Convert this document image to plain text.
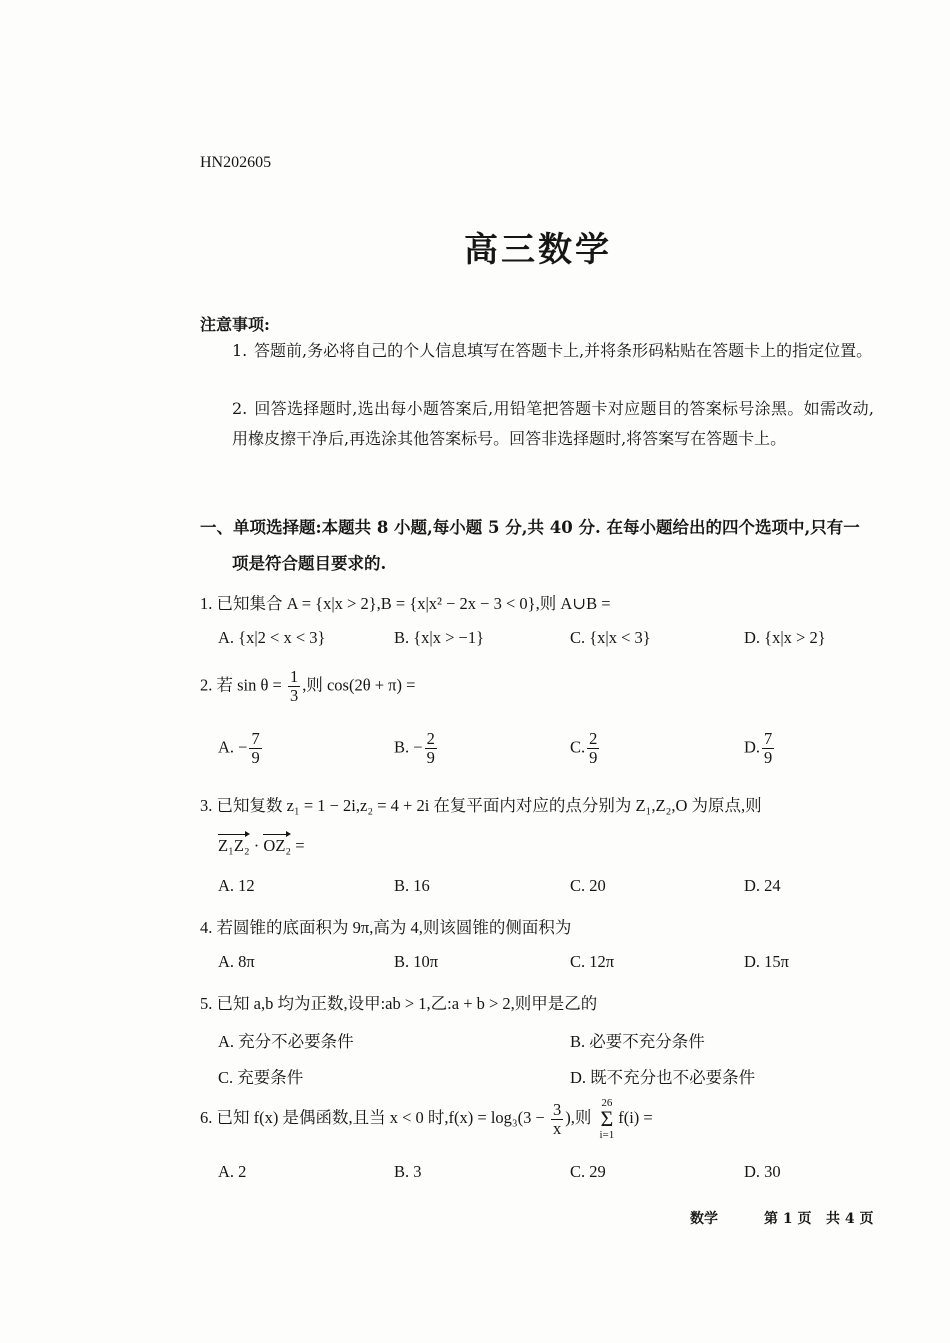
HN202605
高三数学
注意事项:
1. 答题前,务必将自己的个人信息填写在答题卡上,并将条形码粘贴在答题卡上的指定位置。
2. 回答选择题时,选出每小题答案后,用铅笔把答题卡对应题目的答案标号涂黑。如需改动,用橡皮擦干净后,再选涂其他答案标号。回答非选择题时,将答案写在答题卡上。
一、单项选择题:本题共 8 小题,每小题 5 分,共 40 分. 在每小题给出的四个选项中,只有一
项是符合题目要求的.
1. 已知集合 A = {x|x > 2},B = {x|x² − 2x − 3 < 0},则 A∪B =
A. {x|2 < x < 3}	B. {x|x > −1}	C. {x|x < 3}	D. {x|x > 2}
2. 若 $\sin \theta = \frac{1}{3}$ ,则 cos(2θ + π) =
A. − $\frac{7}{9}$	B. − $\frac{2}{9}$	C. $\frac{2}{9}$	D. $\frac{7}{9}$
3. 已知复数 z₁ = 1 − 2i,z₂ = 4 + 2i 在复平面内对应的点分别为 Z₁,Z₂,O 为原点,则
Z₁Z₂ · OZ₂ =
A. 12	B. 16	C. 20	D. 24
4. 若圆锥的底面积为 9π,高为 4,则该圆锥的侧面积为
A. 8π	B. 10π	C. 12π	D. 15π
5. 已知 a,b 均为正数,设甲:ab > 1,乙:a + b > 2,则甲是乙的
A. 充分不必要条件	B. 必要不充分条件
C. 充要条件	D. 既不充分也不必要条件
6. 已知 f(x) 是偶函数,且当 x < 0 时$,f(x) = \log_3(3 - \frac{3}{x}$ ),则
26
Σ
i=1
f(i) =
A. 2	B. 3	C. 29	D. 30
数学	第 1 页 共 4 页
